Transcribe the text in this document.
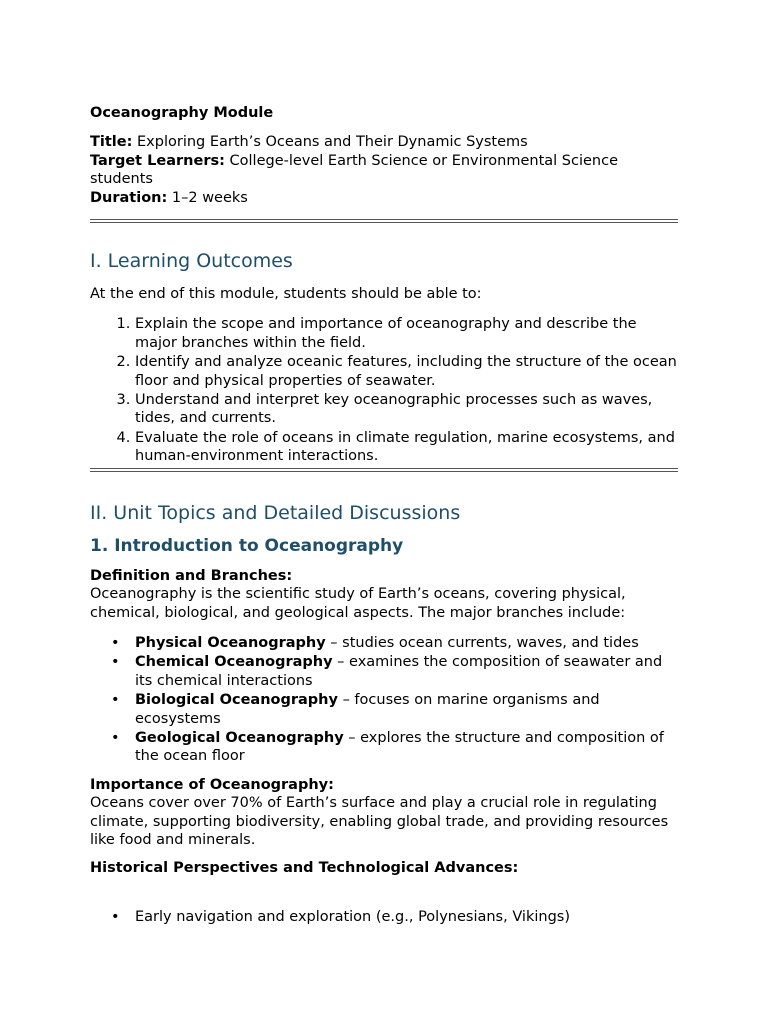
Oceanography Module

Title: Exploring Earth’s Oceans and Their Dynamic Systems

Target Learners: College-level Earth Science or Environmental Science students

Duration: 1–2 weeks

I. Learning Outcomes

At the end of this module, students should be able to:

1. Explain the scope and importance of oceanography and describe the major branches within the field.
2. Identify and analyze oceanic features, including the structure of the ocean floor and physical properties of seawater.
3. Understand and interpret key oceanographic processes such as waves, tides, and currents.
4. Evaluate the role of oceans in climate regulation, marine ecosystems, and human-environment interactions.
II. Unit Topics and Detailed Discussions
1. Introduction to Oceanography

Definition and Branches:

Oceanography is the scientific study of Earth’s oceans, covering physical, chemical, biological, and geological aspects. The major branches include:

• Physical Oceanography – studies ocean currents, waves, and tides
• Chemical Oceanography – examines the composition of seawater and its chemical interactions
• Biological Oceanography – focuses on marine organisms and ecosystems
• Geological Oceanography – explores the structure and composition of the ocean floor

Importance of Oceanography:

Oceans cover over 70% of Earth’s surface and play a crucial role in regulating climate, supporting biodiversity, enabling global trade, and providing resources like food and minerals.

Historical Perspectives and Technological Advances:

• Early navigation and exploration (e.g., Polynesians, Vikings)
